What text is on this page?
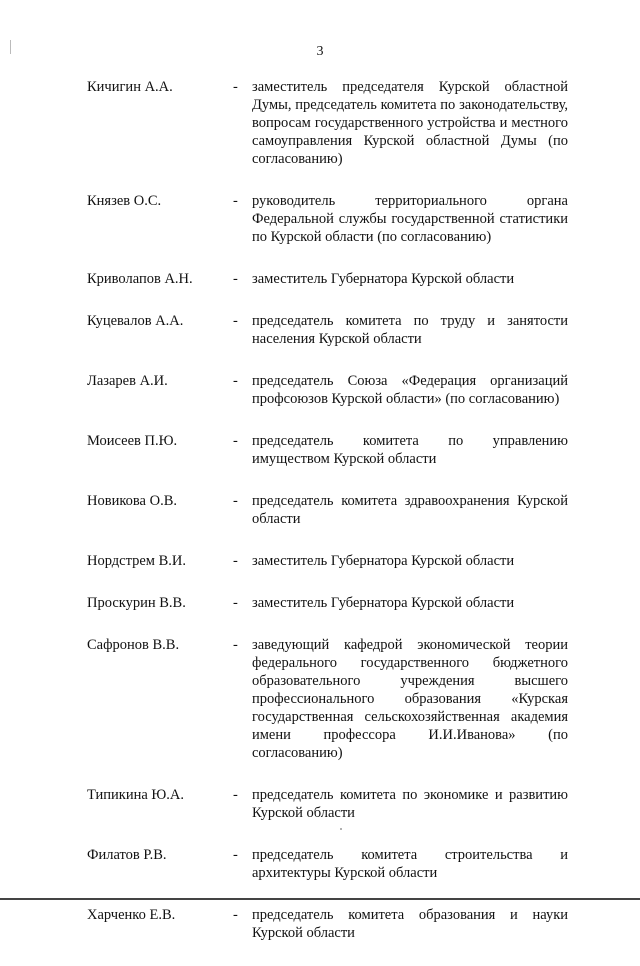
3
Кичигин А.А.	- заместитель председателя Курской областной Думы, председатель комитета по законодательству, вопросам государственного устройства и местного самоуправления Курской областной Думы (по согласованию)
Князев О.С.	- руководитель территориального органа Федеральной службы государственной статистики по Курской области (по согласованию)
Криволапов А.Н.	- заместитель Губернатора Курской области
Куцевалов А.А.	- председатель комитета по труду и занятости населения Курской области
Лазарев А.И.	- председатель Союза «Федерация организаций профсоюзов Курской области» (по согласованию)
Моисеев П.Ю.	- председатель комитета по управлению имуществом Курской области
Новикова О.В.	- председатель комитета здравоохранения Курской области
Нордстрем В.И.	- заместитель Губернатора Курской области
Проскурин В.В.	- заместитель Губернатора Курской области
Сафронов В.В.	- заведующий кафедрой экономической теории федерального государственного бюджетного образовательного учреждения высшего профессионального образования «Курская государственная сельскохозяйственная академия имени профессора И.И.Иванова» (по согласованию)
Типикина Ю.А.	- председатель комитета по экономике и развитию Курской области
Филатов Р.В.	- председатель комитета строительства и архитектуры Курской области
Харченко Е.В.	- председатель комитета образования и науки Курской области
